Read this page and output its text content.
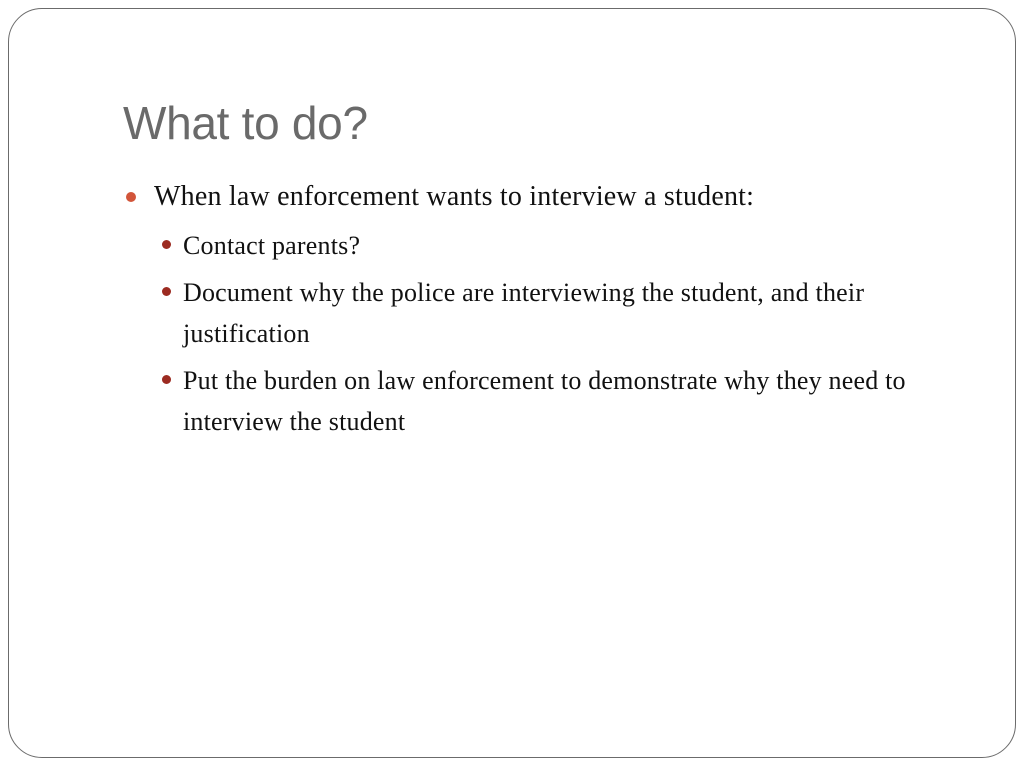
What to do?
When law enforcement wants to interview a student:
Contact parents?
Document why the police are interviewing the student, and their justification
Put the burden on law enforcement to demonstrate why they need to interview the student
